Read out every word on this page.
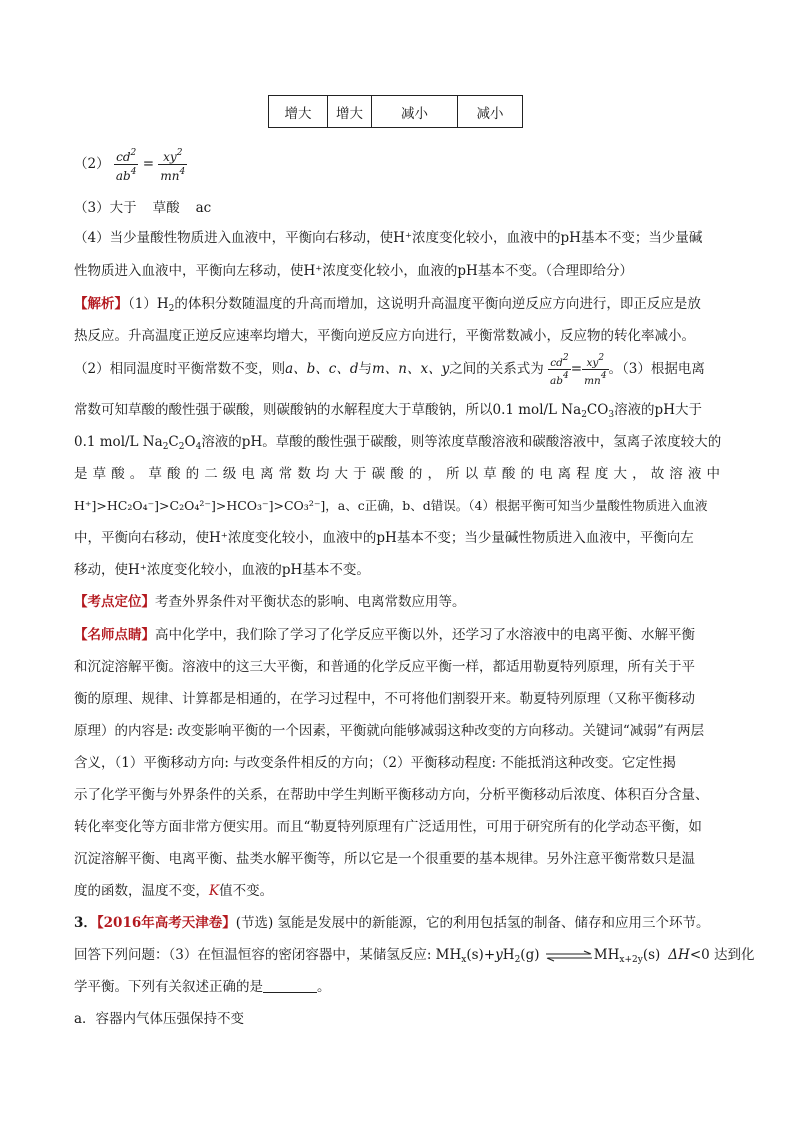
增大	增大	减小	减小
$(2) \frac{cd^2}{ab^4} = \frac{xy^2}{mn^4}$
（3）大于 草酸 ac
（4）当少量酸性物质进入血液中，平衡向右移动，使H⁺浓度变化较小，血液中的pH基本不变；当少量碱
性物质进入血液中，平衡向左移动，使H⁺浓度变化较小，血液的pH基本不变。（合理即给分）
【解析】$(1)H_2$的体积分数随温度的升高而增加，这说明升高温度平衡向逆反应方向进行，即正反应是放
热反应。升高温度正逆反应速率均增大，平衡向逆反应方向进行，平衡常数减小，反应物的转化率减小。
（2）相同温度时平衡常数不变，则a、b、c、d与m、n、x、y之间的关系式为 $\frac{cd2}{ab4} = \frac{xy2}{mn4}$ 。（3）根据电离
常数可知草酸的酸性强于碳酸，则碳酸钠的水解程度大于草酸钠，所以0.1 mol/L $Na_2CO_3$溶液的pH大于
0.1 mol/L $Na_2C_2O_4$溶液的pH。草酸的酸性强于碳酸，则等浓度草酸溶液和碳酸溶液中，氢离子浓度较大的
是草酸。草酸的二级电离常数均大于碳酸的，所以草酸的电离程度大，故溶液中
H⁺]>HC₂O₄⁻]>C₂O₄²⁻]>HCO₃⁻]>CO₃²⁻]，a、c正确，b、d错误。（4）根据平衡可知当少量酸性物质进入血液
中，平衡向右移动，使H⁺浓度变化较小，血液中的pH基本不变；当少量碱性物质进入血液中，平衡向左
移动，使H⁺浓度变化较小，血液的pH基本不变。
【考点定位】考查外界条件对平衡状态的影响、电离常数应用等。
【名师点睛】高中化学中，我们除了学习了化学反应平衡以外，还学习了水溶液中的电离平衡、水解平衡
和沉淀溶解平衡。溶液中的这三大平衡，和普通的化学反应平衡一样，都适用勒夏特列原理，所有关于平
衡的原理、规律、计算都是相通的，在学习过程中，不可将他们割裂开来。勒夏特列原理（又称平衡移动
原理）的内容是: 改变影响平衡的一个因素，平衡就向能够减弱这种改变的方向移动。关键词“减弱”有两层
含义，（1）平衡移动方向: 与改变条件相反的方向；（2）平衡移动程度: 不能抵消这种改变。它定性揭
示了化学平衡与外界条件的关系，在帮助中学生判断平衡移动方向，分析平衡移动后浓度、体积百分含量、
转化率变化等方面非常方便实用。而且“勒夏特列原理有广泛适用性，可用于研究所有的化学动态平衡，如
沉淀溶解平衡、电离平衡、盐类水解平衡等，所以它是一个很重要的基本规律。另外注意平衡常数只是温
度的函数，温度不变，K值不变。
3．【2016年高考天津卷】(节选) 氢能是发展中的新能源，它的利用包括氢的制备、储存和应用三个环节。
回答下列问题：（3）在恒温恒容的密闭容器中，某储氢反应: $MH_x(s)+yH_2(g)$ $\rightleftharpoons MH_{x+2y}(s)$ ΔH<0 达到化
学平衡。下列有关叙述正确的是	。
a．容器内气体压强保持不变
